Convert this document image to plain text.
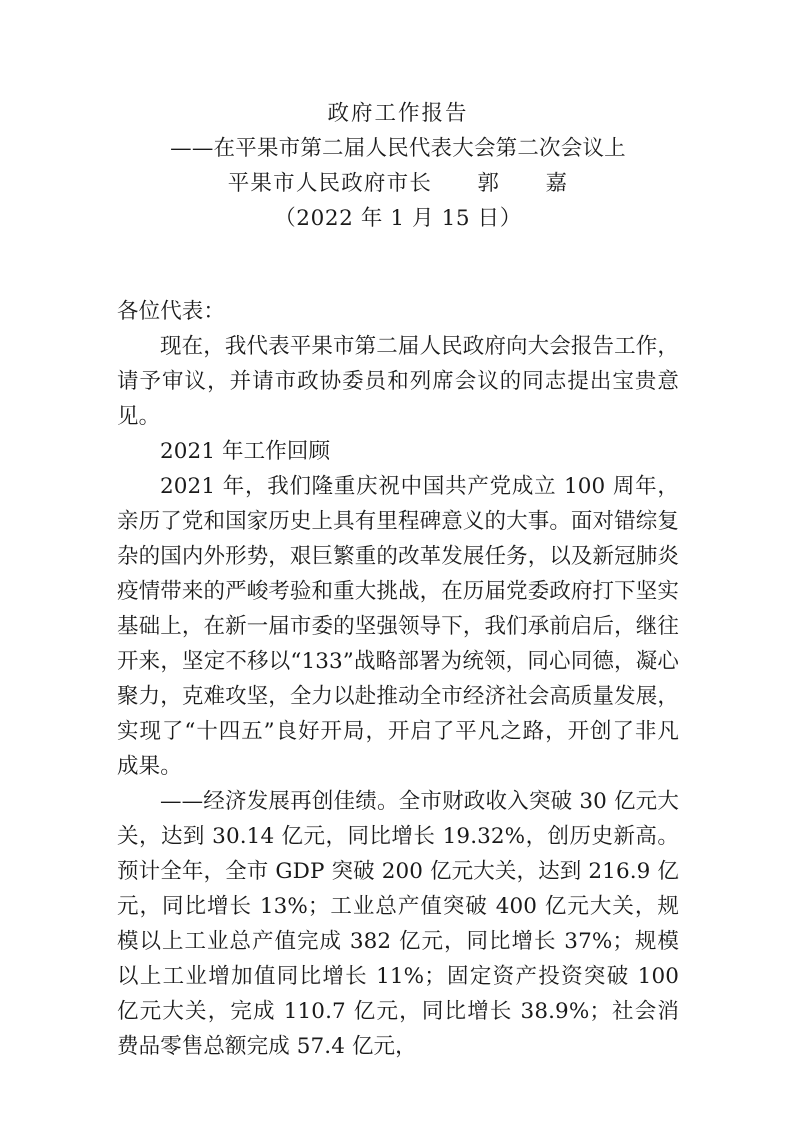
政府工作报告
——在平果市第二届人民代表大会第二次会议上
平果市人民政府市长　　郭　　嘉
（2022 年 1 月 15 日）

各位代表：

现在，我代表平果市第二届人民政府向大会报告工作，请予审议，并请市政协委员和列席会议的同志提出宝贵意见。

2021 年工作回顾

2021 年，我们隆重庆祝中国共产党成立 100 周年，亲历了党和国家历史上具有里程碑意义的大事。面对错综复杂的国内外形势，艰巨繁重的改革发展任务，以及新冠肺炎疫情带来的严峻考验和重大挑战，在历届党委政府打下坚实基础上，在新一届市委的坚强领导下，我们承前启后，继往开来，坚定不移以“133”战略部署为统领，同心同德，凝心聚力，克难攻坚，全力以赴推动全市经济社会高质量发展，实现了“十四五”良好开局，开启了平凡之路，开创了非凡成果。

——经济发展再创佳绩。全市财政收入突破 30 亿元大关，达到 30.14 亿元，同比增长 19.32%，创历史新高。预计全年，全市 GDP 突破 200 亿元大关，达到 216.9 亿元，同比增长 13%；工业总产值突破 400 亿元大关，规模以上工业总产值完成 382 亿元，同比增长 37%；规模以上工业增加值同比增长 11%；固定资产投资突破 100 亿元大关，完成 110.7 亿元，同比增长 38.9%；社会消费品零售总额完成 57.4 亿元，
